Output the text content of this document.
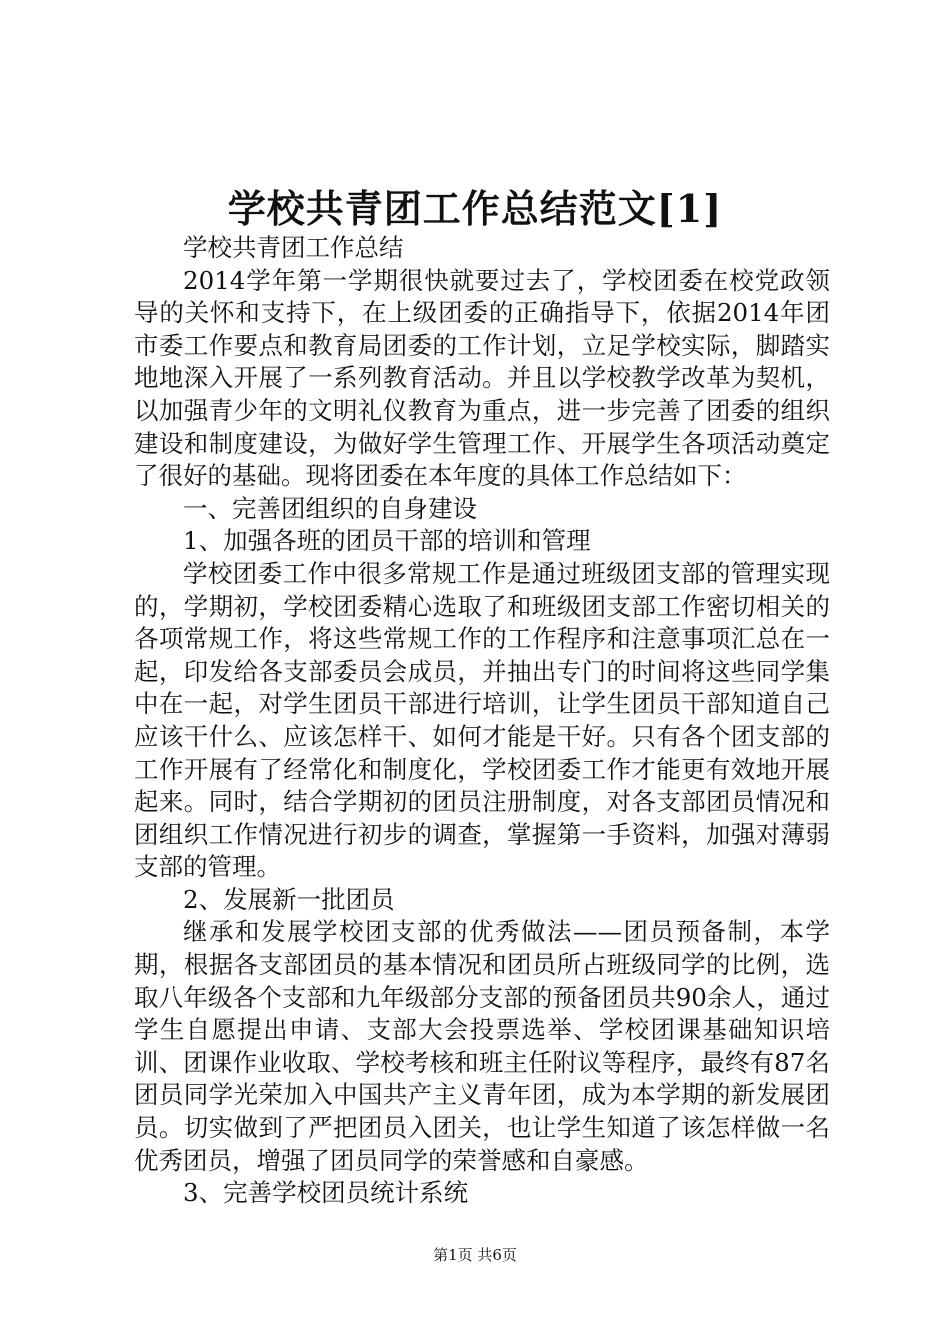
学校共青团工作总结范文[1]

学校共青团工作总结

2014学年第一学期很快就要过去了，学校团委在校党政领导的关怀和支持下，在上级团委的正确指导下，依据2014年团市委工作要点和教育局团委的工作计划，立足学校实际，脚踏实地地深入开展了一系列教育活动。并且以学校教学改革为契机，以加强青少年的文明礼仪教育为重点，进一步完善了团委的组织建设和制度建设，为做好学生管理工作、开展学生各项活动奠定了很好的基础。现将团委在本年度的具体工作总结如下：

一、完善团组织的自身建设

1、加强各班的团员干部的培训和管理

学校团委工作中很多常规工作是通过班级团支部的管理实现的，学期初，学校团委精心选取了和班级团支部工作密切相关的各项常规工作，将这些常规工作的工作程序和注意事项汇总在一起，印发给各支部委员会成员，并抽出专门的时间将这些同学集中在一起，对学生团员干部进行培训，让学生团员干部知道自己应该干什么、应该怎样干、如何才能是干好。只有各个团支部的工作开展有了经常化和制度化，学校团委工作才能更有效地开展起来。同时，结合学期初的团员注册制度，对各支部团员情况和团组织工作情况进行初步的调查，掌握第一手资料，加强对薄弱支部的管理。

2、发展新一批团员

继承和发展学校团支部的优秀做法——团员预备制，本学期，根据各支部团员的基本情况和团员所占班级同学的比例，选取八年级各个支部和九年级部分支部的预备团员共90余人，通过学生自愿提出申请、支部大会投票选举、学校团课基础知识培训、团课作业收取、学校考核和班主任附议等程序，最终有87名团员同学光荣加入中国共产主义青年团，成为本学期的新发展团员。切实做到了严把团员入团关，也让学生知道了该怎样做一名优秀团员，增强了团员同学的荣誉感和自豪感。

3、完善学校团员统计系统

第1页 共6页
